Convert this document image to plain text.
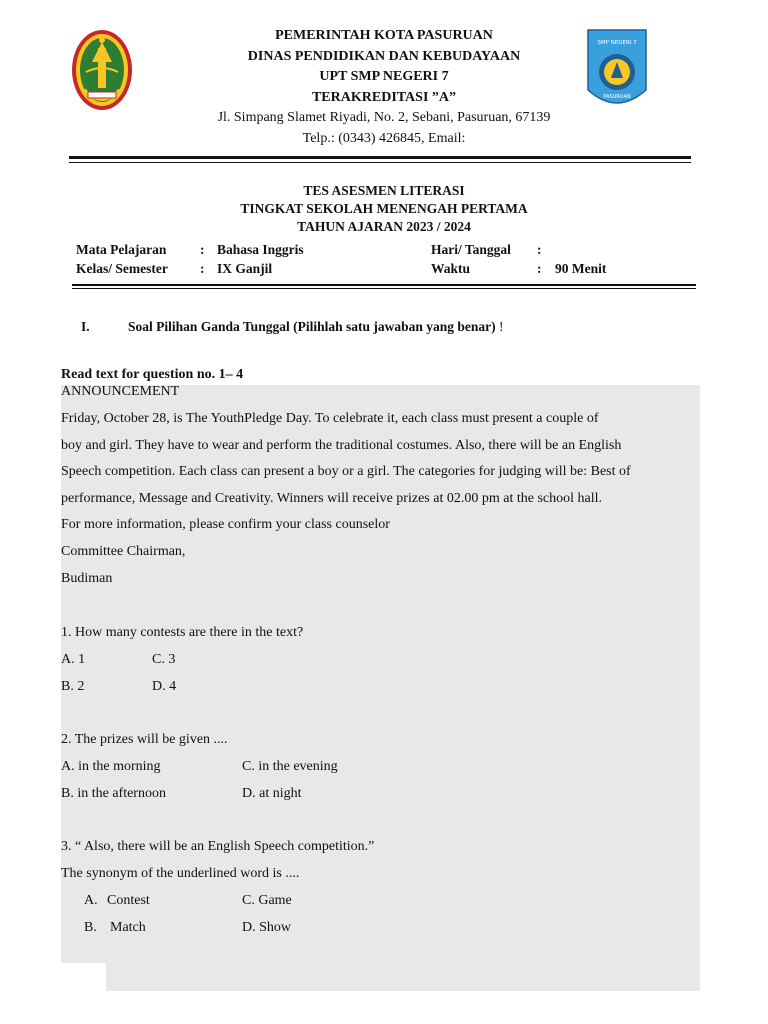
SMP NEGERI 7
PASURUAN
PEMERINTAH KOTA PASURUAN
DINAS PENDIDIKAN DAN KEBUDAYAAN
UPT SMP NEGERI 7
TERAKREDITASI ”A”
Jl. Simpang Slamet Riyadi, No. 2, Sebani, Pasuruan, 67139
Telp.: (0343) 426845, Email:
TES ASESMEN LITERASI
TINGKAT SEKOLAH MENENGAH PERTAMA
TAHUN AJARAN 2023 / 2024
Mata Pelajaran : Bahasa Inggris	Hari/ Tanggal :
Kelas/ Semester : IX Ganjil	Waktu	: 90 Menit
I.	Soal Pilihan Ganda Tunggal (Pilihlah satu jawaban yang benar) !
Read text for question no. 1– 4
ANNOUNCEMENT
Friday, October 28, is The YouthPledge Day. To celebrate it, each class must present a couple of
boy and girl. They have to wear and perform the traditional costumes. Also, there will be an English
Speech competition. Each class can present a boy or a girl. The categories for judging will be: Best of
performance, Message and Creativity. Winners will receive prizes at 02.00 pm at the school hall.
For more information, please confirm your class counselor
Committee Chairman,
Budiman
1. How many contests are there in the text?
A. 1	C. 3
B. 2	D. 4
2. The prizes will be given ....
A. in the morning	C. in the evening
B. in the afternoon	D. at night
3. “ Also, there will be an English Speech competition.”
The synonym of the underlined word is ....
A. Contest	C. Game
B. Match	D. Show
